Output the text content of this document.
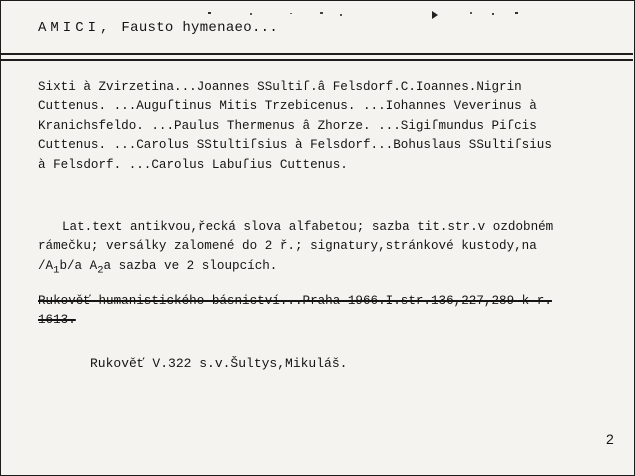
AMICI, Fausto hymenaeo...
Sixti à Zvirzetina...Joannes SSultiſ.â Felsdorf.C.Ioannes.Nigrin
Cuttenus. ...Auguſtinus Mitis Trzebicenus. ...Iohannes Veverinus à
Kranichsfeldo. ...Paulus Thermenus â Zhorze. ...Sigiſmundus Piſcis
Cuttenus. ...Carolus SStultiſsius à Felsdorf...Bohuslaus SSultiſsius
à Felsdorf. ...Carolus Labuſius Cuttenus.
Lat.text antikvou,řecká slova alfabetou; sazba tit.str.v ozdobném
rámečku; versálky zalomené do 2 ř.; signatury,stránkové kustody,na
$/A_1b/a$ $A_2a$ sazba ve 2 sloupcích.
Rukověť humanistického básnictví...Praha 1966.I.str.136,227,289 k r.
1613.
Rukověť V.322 s.v.Šultys,Mikuláš.
2
